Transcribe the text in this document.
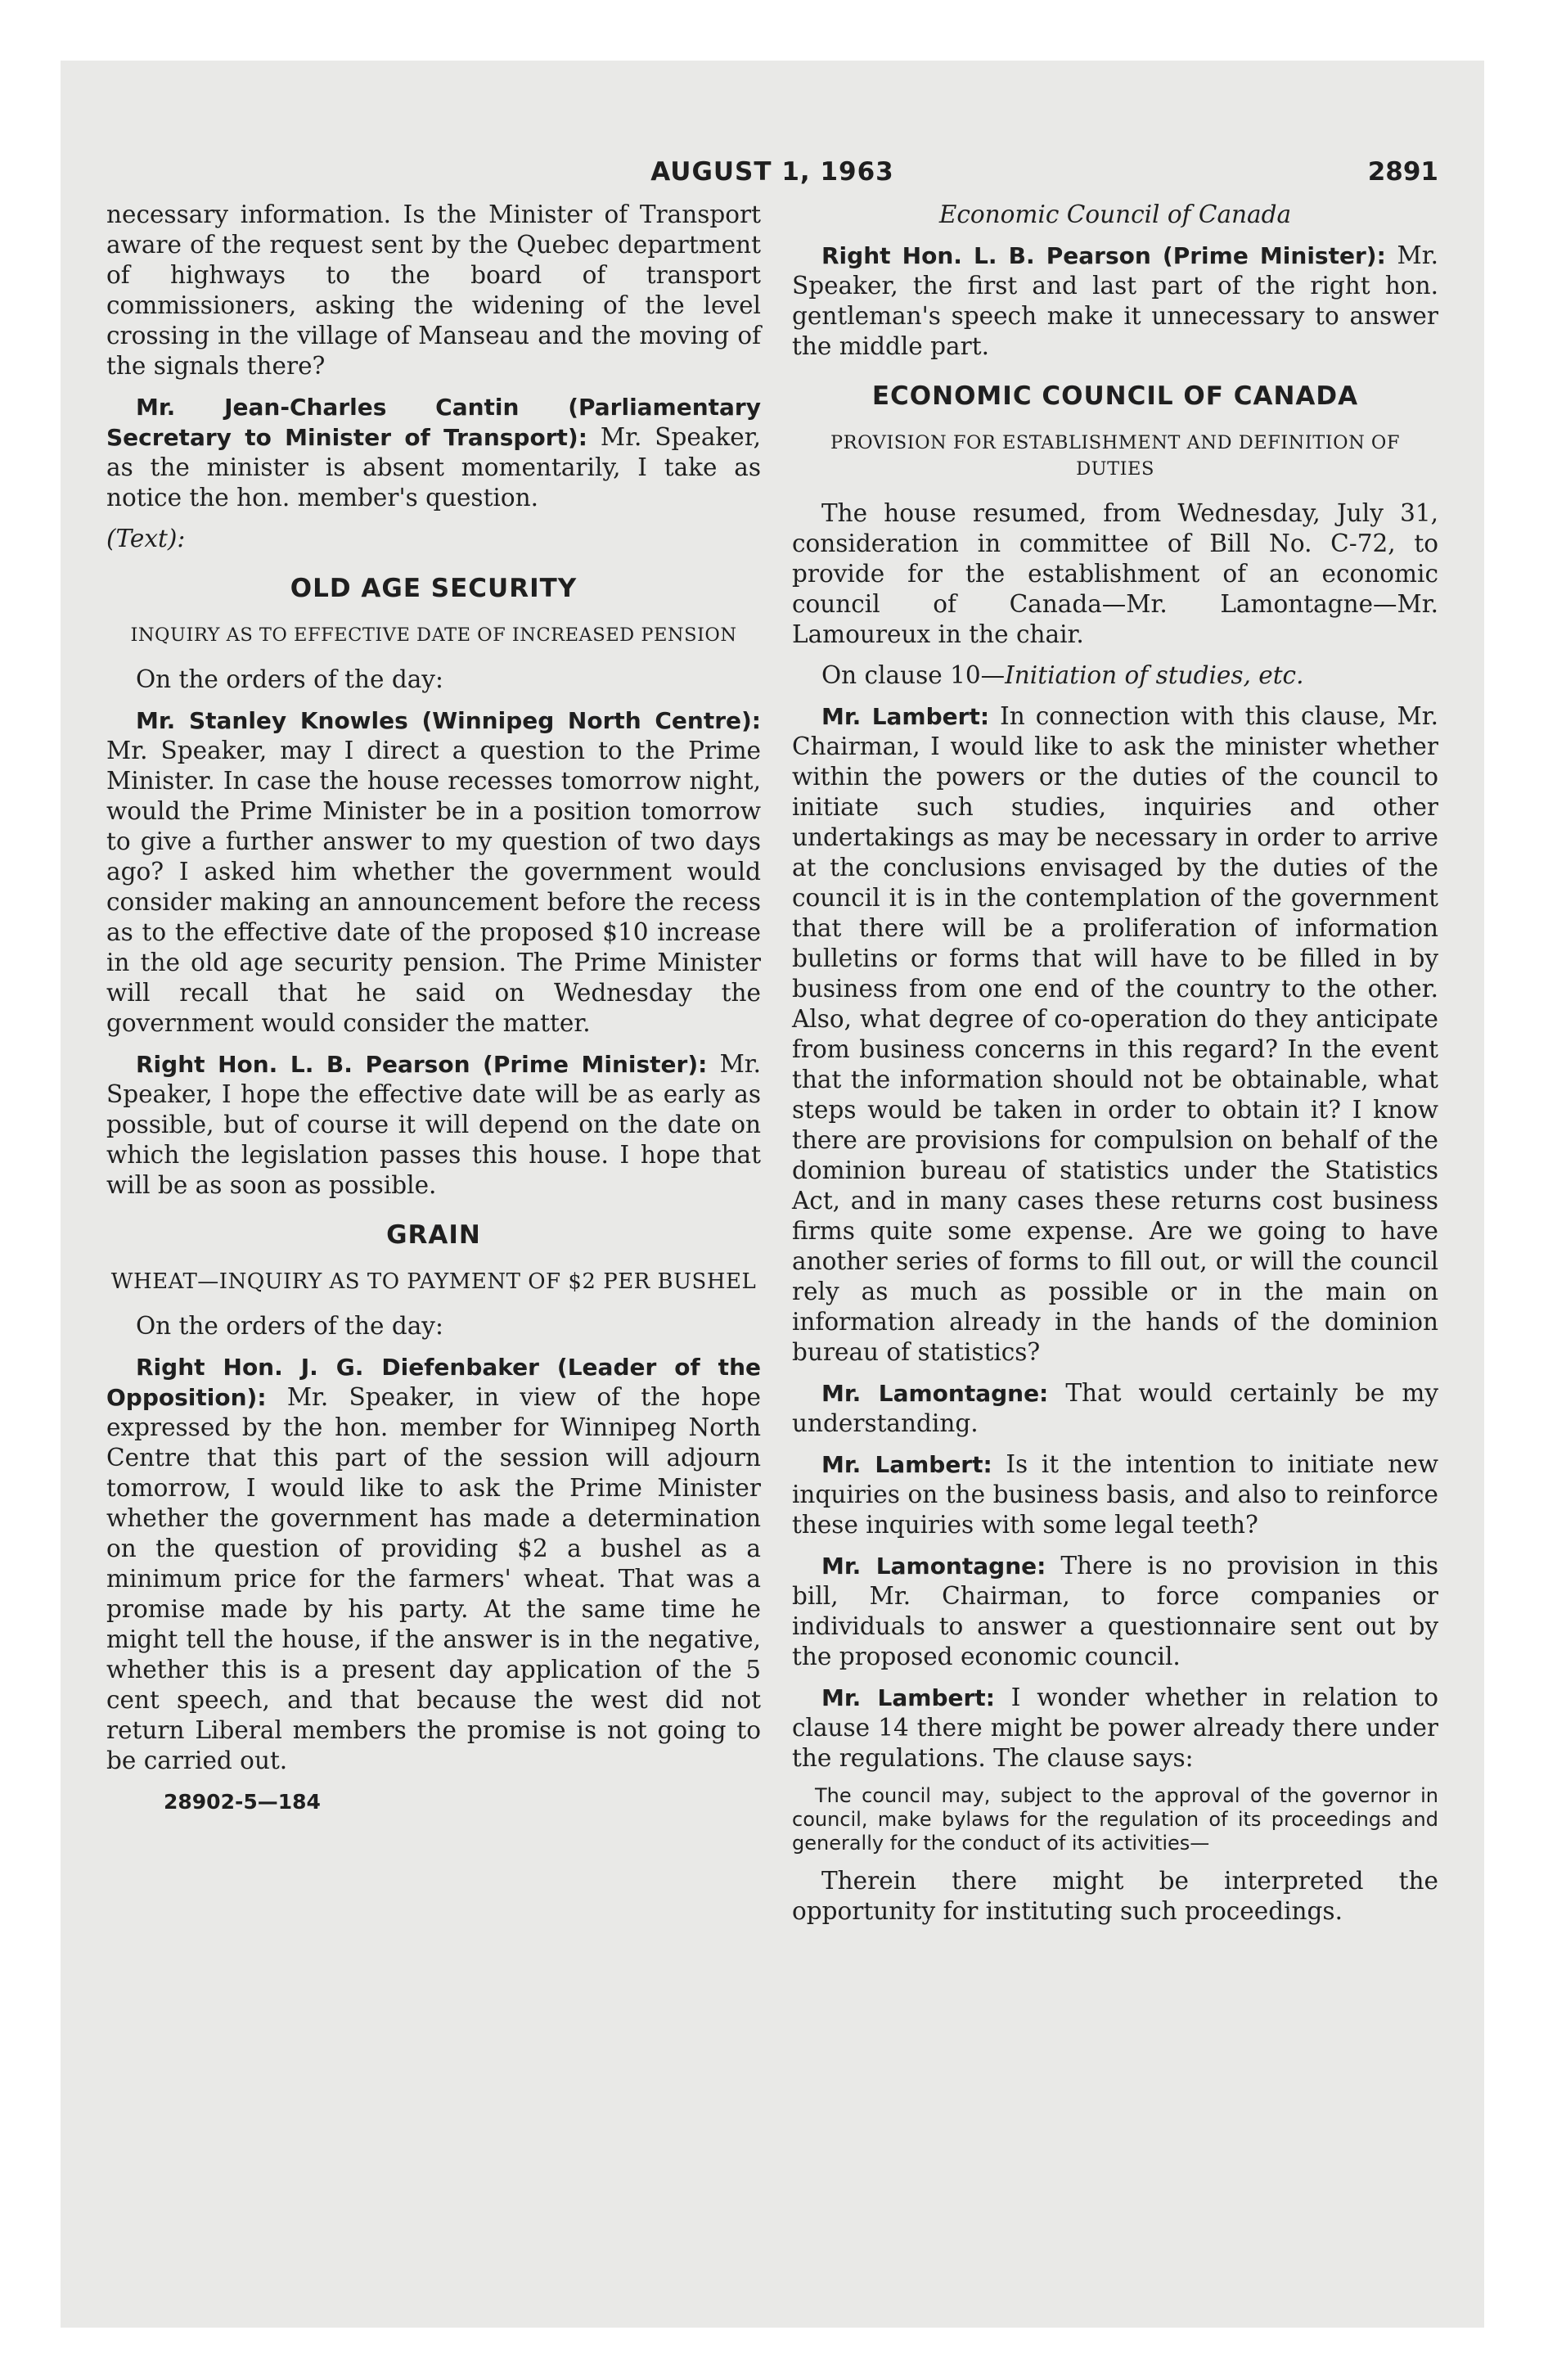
AUGUST 1, 1963	2891

necessary information. Is the Minister of Transport aware of the request sent by the Quebec department of highways to the board of transport commissioners, asking the widening of the level crossing in the village of Manseau and the moving of the signals there?

Mr. Jean-Charles Cantin (Parliamentary Secretary to Minister of Transport): Mr. Speaker, as the minister is absent momentarily, I take as notice the hon. member's question.

(Text):

OLD AGE SECURITY
INQUIRY AS TO EFFECTIVE DATE OF INCREASED PENSION

On the orders of the day:

Mr. Stanley Knowles (Winnipeg North Centre): Mr. Speaker, may I direct a question to the Prime Minister. In case the house recesses tomorrow night, would the Prime Minister be in a position tomorrow to give a further answer to my question of two days ago? I asked him whether the government would consider making an announcement before the recess as to the effective date of the proposed $10 increase in the old age security pension. The Prime Minister will recall that he said on Wednesday the government would consider the matter.

Right Hon. L. B. Pearson (Prime Minister): Mr. Speaker, I hope the effective date will be as early as possible, but of course it will depend on the date on which the legislation passes this house. I hope that will be as soon as possible.

GRAIN
WHEAT—INQUIRY AS TO PAYMENT OF $2 PER BUSHEL

On the orders of the day:

Right Hon. J. G. Diefenbaker (Leader of the Opposition): Mr. Speaker, in view of the hope expressed by the hon. member for Winnipeg North Centre that this part of the session will adjourn tomorrow, I would like to ask the Prime Minister whether the government has made a determination on the question of providing $2 a bushel as a minimum price for the farmers' wheat. That was a promise made by his party. At the same time he might tell the house, if the answer is in the negative, whether this is a present day application of the 5 cent speech, and that because the west did not return Liberal members the promise is not going to be carried out.

28902-5—184

Economic Council of Canada

Right Hon. L. B. Pearson (Prime Minister): Mr. Speaker, the first and last part of the right hon. gentleman's speech make it unnecessary to answer the middle part.

ECONOMIC COUNCIL OF CANADA
PROVISION FOR ESTABLISHMENT AND DEFINITION OF DUTIES

The house resumed, from Wednesday, July 31, consideration in committee of Bill No. C-72, to provide for the establishment of an economic council of Canada—Mr. Lamontagne—Mr. Lamoureux in the chair.

On clause 10—Initiation of studies, etc.

Mr. Lambert: In connection with this clause, Mr. Chairman, I would like to ask the minister whether within the powers or the duties of the council to initiate such studies, inquiries and other undertakings as may be necessary in order to arrive at the conclusions envisaged by the duties of the council it is in the contemplation of the government that there will be a proliferation of information bulletins or forms that will have to be filled in by business from one end of the country to the other. Also, what degree of co-operation do they anticipate from business concerns in this regard? In the event that the information should not be obtainable, what steps would be taken in order to obtain it? I know there are provisions for compulsion on behalf of the dominion bureau of statistics under the Statistics Act, and in many cases these returns cost business firms quite some expense. Are we going to have another series of forms to fill out, or will the council rely as much as possible or in the main on information already in the hands of the dominion bureau of statistics?

Mr. Lamontagne: That would certainly be my understanding.

Mr. Lambert: Is it the intention to initiate new inquiries on the business basis, and also to reinforce these inquiries with some legal teeth?

Mr. Lamontagne: There is no provision in this bill, Mr. Chairman, to force companies or individuals to answer a questionnaire sent out by the proposed economic council.

Mr. Lambert: I wonder whether in relation to clause 14 there might be power already there under the regulations. The clause says:

The council may, subject to the approval of the governor in council, make bylaws for the regulation of its proceedings and generally for the conduct of its activities—

Therein there might be interpreted the opportunity for instituting such proceedings.
